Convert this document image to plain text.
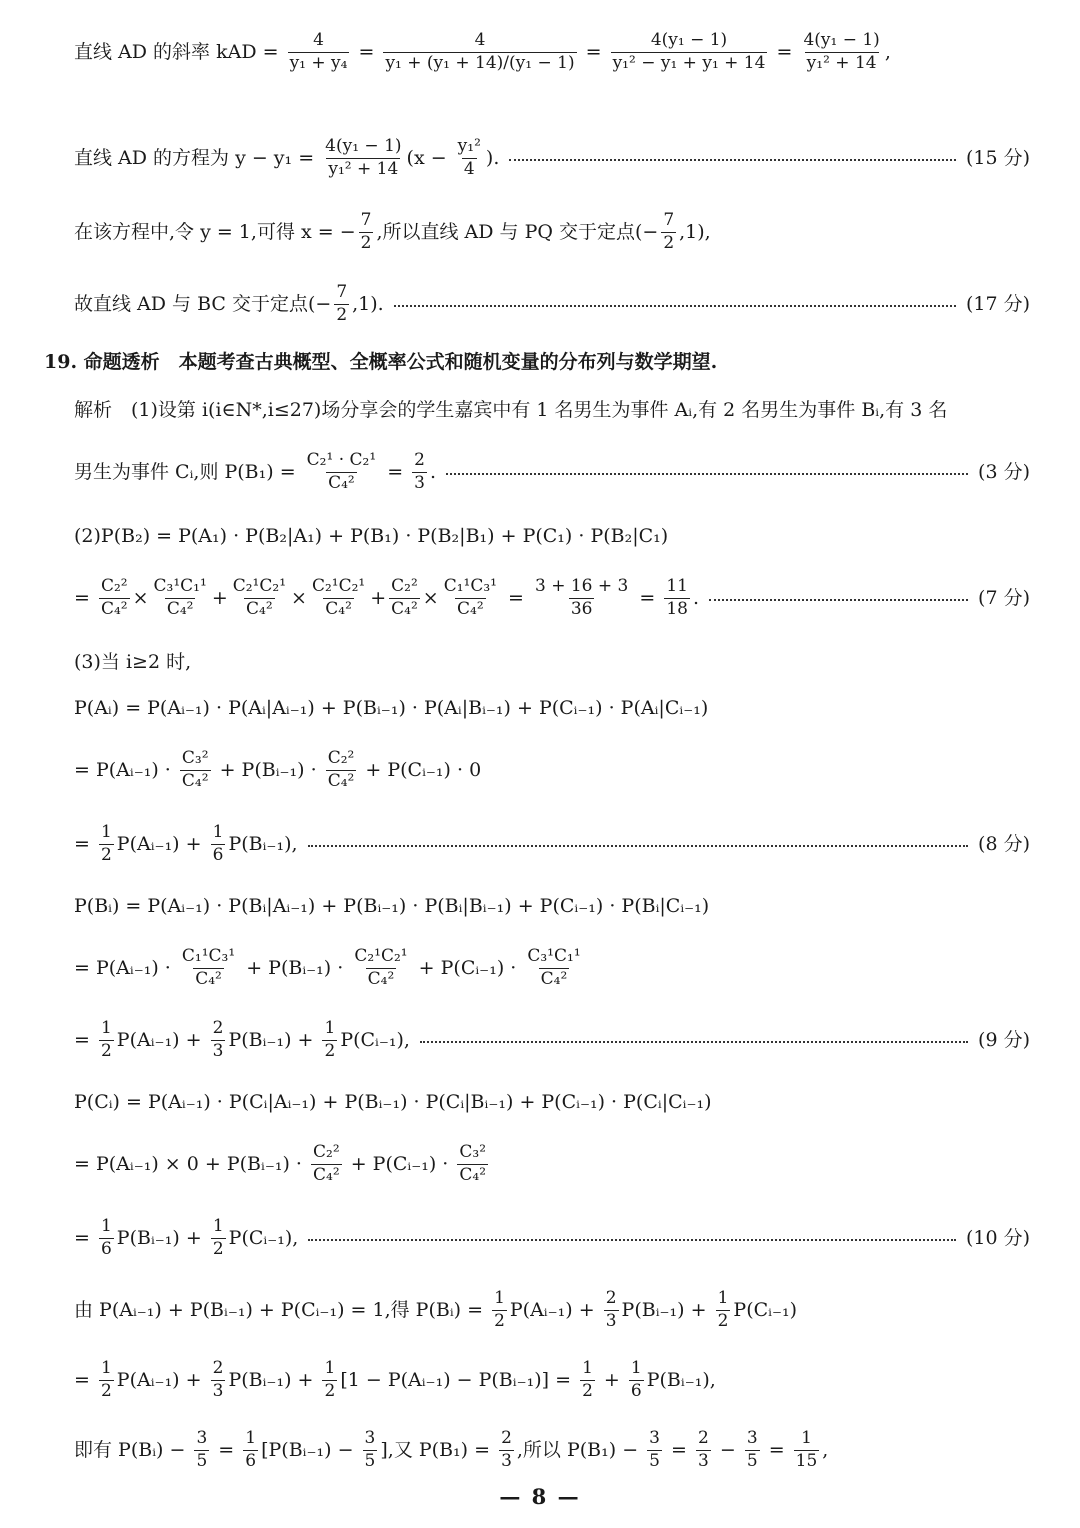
直线 AD 的斜率 k AD = $\frac{4}{\text{y₁ + y₄}} = \frac{4}{\text{y₁ + (y₁ + 14)/(y₁ − 1)}} = \frac{\text{4(y₁ − 1)}}{\text{y₁² − y₁ + y₁ + 14}} = \frac{\text{4(y₁ − 1)}}{\text{y₁² + 14}}$ ,
直线 AD 的方程为 $y - y_1 = \frac{\text{4(y₁ − 1)}}{\text{y₁² + 14}} (x - \frac{\text{y₁²}}{4}$ ).	(15 分)
在该方程中,令 y = 1,可得 x = − $\frac{7}{2}$ ,所以直线 AD 与 PQ 交于定点(− $\frac{7}{2} ,1$),
故直线 AD 与 BC 交于定点(− $\frac{7}{2} ,1$).	(17 分)
19. 命题透析　本题考查古典概型、全概率公式和随机变量的分布列与数学期望.
解析　(1)设第 i(i∈N*,i≤27)场分享会的学生嘉宾中有 1 名男生为事件 Aᵢ,有 2 名男生为事件 Bᵢ,有 3 名
男生为事件 Cᵢ,则 $P(B_1) = \frac{\text{C₂¹ · C₂¹}}{\text{C₄²}} = \frac{2}{3}$ .	(3 分)
(2)P(B₂) = P(A₁) · P(B₂|A₁) + P(B₁) · P(B₂|B₁) + P(C₁) · P(B₂|C₁)
= $\frac{\text{C₂²}}{\text{C₄²}} \times \frac{\text{C₃¹C₁¹}}{\text{C₄²}} + \frac{\text{C₂¹C₂¹}}{\text{C₄²}} \times \frac{\text{C₂¹C₂¹}}{\text{C₄²}} + \frac{\text{C₂²}}{\text{C₄²}} \times \frac{\text{C₁¹C₃¹}}{\text{C₄²}} = \frac{3 + 16 + 3}{36} = \frac{11}{18}$ .	(7 分)
(3)当 i≥2 时,
P(Aᵢ) = P(Aᵢ₋₁) · P(Aᵢ|Aᵢ₋₁) + P(Bᵢ₋₁) · P(Aᵢ|Bᵢ₋₁) + P(Cᵢ₋₁) · P(Aᵢ|Cᵢ₋₁)
= P(Aᵢ₋₁) · $\frac{\text{C₃²}}{\text{C₄²}}$ + P(Bᵢ₋₁) · $\frac{\text{C₂²}}{\text{C₄²}}$ + P(Cᵢ₋₁) · 0
= $\frac{1}{2}$ P(Aᵢ₋₁) + $\frac{1}{6}$ P(Bᵢ₋₁),	(8 分)
P(Bᵢ) = P(Aᵢ₋₁) · P(Bᵢ|Aᵢ₋₁) + P(Bᵢ₋₁) · P(Bᵢ|Bᵢ₋₁) + P(Cᵢ₋₁) · P(Bᵢ|Cᵢ₋₁)
= P(Aᵢ₋₁) · $\frac{\text{C₁¹C₃¹}}{\text{C₄²}}$ + P(Bᵢ₋₁) · $\frac{\text{C₂¹C₂¹}}{\text{C₄²}}$ + P(Cᵢ₋₁) · $\frac{\text{C₃¹C₁¹}}{\text{C₄²}}$
= $\frac{1}{2}$ P(Aᵢ₋₁) + $\frac{2}{3}$ P(Bᵢ₋₁) + $\frac{1}{2}$ P(Cᵢ₋₁),	(9 分)
P(Cᵢ) = P(Aᵢ₋₁) · P(Cᵢ|Aᵢ₋₁) + P(Bᵢ₋₁) · P(Cᵢ|Bᵢ₋₁) + P(Cᵢ₋₁) · P(Cᵢ|Cᵢ₋₁)
= P(Aᵢ₋₁) × 0 + P(Bᵢ₋₁) · $\frac{\text{C₂²}}{\text{C₄²}}$ + P(Cᵢ₋₁) · $\frac{\text{C₃²}}{\text{C₄²}}$
= $\frac{1}{6}$ P(Bᵢ₋₁) + $\frac{1}{2}$ P(Cᵢ₋₁),	(10 分)
由 P(Aᵢ₋₁) + P(Bᵢ₋₁) + P(Cᵢ₋₁) = 1,得 P(Bᵢ) = $\frac{1}{2}$ P(Aᵢ₋₁) + $\frac{2}{3}$ P(Bᵢ₋₁) + $\frac{1}{2}$ P(Cᵢ₋₁)
= $\frac{1}{2}$ P(Aᵢ₋₁) + $\frac{2}{3}$ P(Bᵢ₋₁) + $\frac{1}{2} [1$ − P(Aᵢ₋₁) − P(Bᵢ₋₁)] = $\frac{1}{2} + \frac{1}{6}$ P(Bᵢ₋₁),
即有 P(Bᵢ) − $\frac{3}{5} = \frac{1}{6}$ [P(Bᵢ₋₁) − $\frac{3}{5}$ ],又 $P(B_1) = \frac{2}{3}$ ,所以 $P(B_1) - \frac{3}{5} = \frac{2}{3} - \frac{3}{5} = \frac{1}{15}$ ,
— 8 —
